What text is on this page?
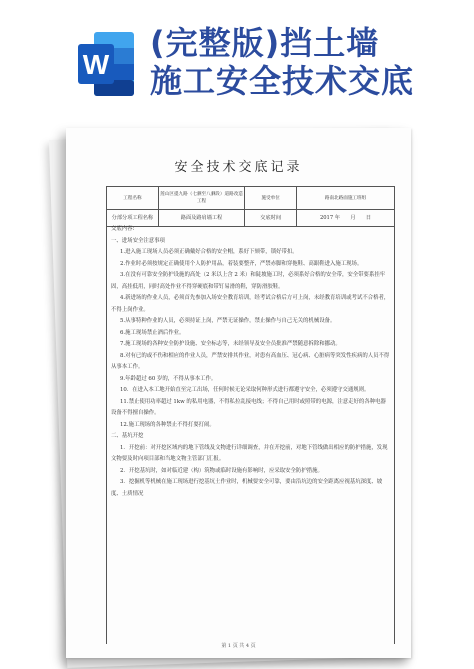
W
(完整版)挡土墙
施工安全技术交底
安全技术交底记录
工程名称	莲山区提九路（七驷至八驷段）道路改造工程	施受单位	路南北路面施工班组
分部分项工程名称	路面及路肩墙工程	交底时间	2017 年　　月　　日

交底内容:

一、进场安全注意事项

1.进入施工现场人员必须正确戴好合格的安全帽，系好下颏带，锁好带扣。

2.作业时必须按规定正确使用个人防护用品，着装要整齐，严禁赤脚和穿拖鞋、高跟鞋进入施工现场。

3.在没有可靠安全防护设施的高处（2 米以上含 2 米）和陡坡施工时，必须系好合格的安全带，安全带要系挂牢固，高挂低用，同时高处作业不得穿硬底和带钉易滑的鞋，穿防滑胶鞋。

4.新进场的作业人员，必须首先参加入场安全教育培训，经考试合格后方可上岗，未经教育培训或考试不合格者，不得上岗作业。

5.从事特种作业的人员，必须持证上岗，严禁无证操作，禁止操作与自己无关的机械设备。

6.施工现场禁止酒后作业。

7.施工现场的各种安全防护设施、安全标志等，未经领导及安全员批准严禁随意拆除和挪动。

8.对有已的或不伤和相应的作业人员，严禁安排其作业，对患有高血压、冠心病、心脏病等突发性疾病的人员不得从事本工作。

9.年龄超过 60 岁的，不得从事本工作。

10．在进入本工地开始直至完工出场，任何时候无论采取何种形式进行都遵守安全，必须遵守交通规则。

11.禁止使用功率超过 1kw 的私用电器，不得私拉乱接电线；不得自己用时或照带的电源，注意走好的各种电器设备不得擅自操作。

12.施工现场的各种禁止不得打耍打闹。

二、基坑开挖

1．开挖前：对开挖区域内的地下管线及文物进行详细调查，并在开挖前，对地下管线做出相应的防护措施，发现文物要及时向项目部和当地文物主管部门汇报。

2．开挖基坑时，如对临近建（构）筑物或临时设施有影响时，应采取安全防护措施。

3．挖掘机等机械在施工现场进行挖基坑土作业时，机械要安全可靠，要由沿坑边的安全距离应视基坑深度、坡度、土质情况

第 1 页 共 4 页
